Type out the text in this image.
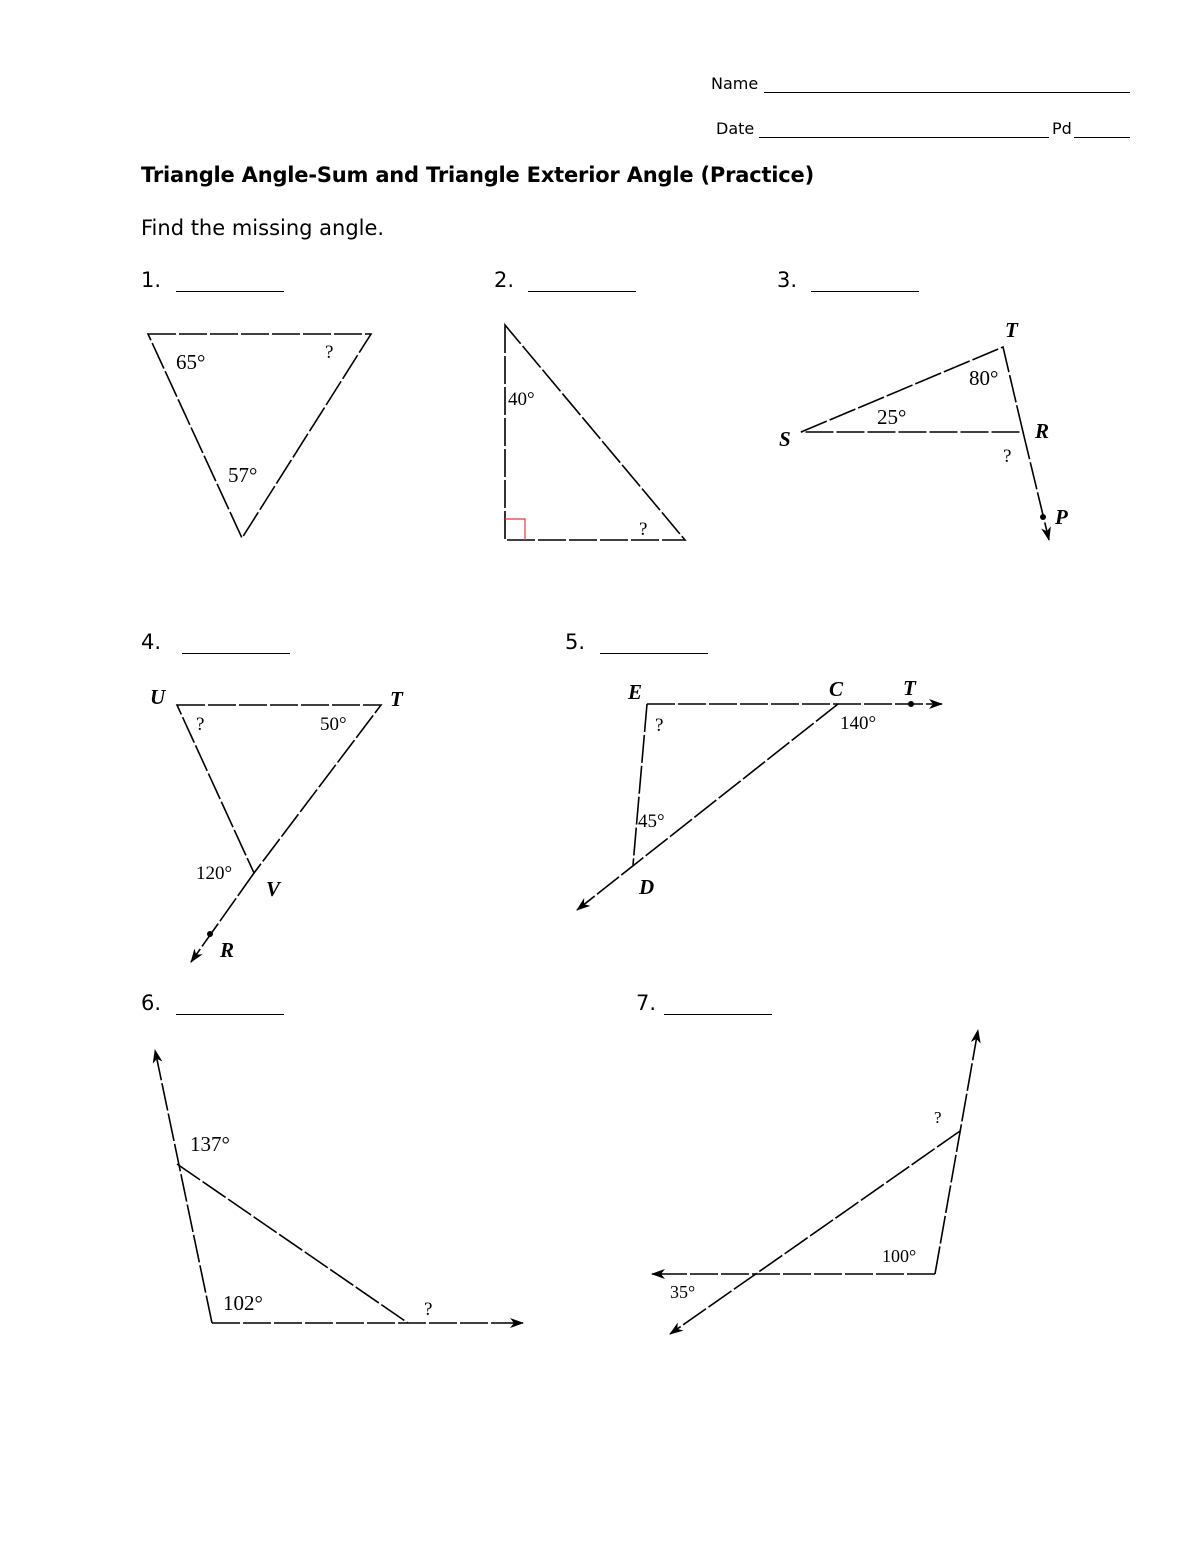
Name
Date	Pd
Triangle Angle-Sum and Triangle Exterior Angle (Practice)
Find the missing angle.
1.	2.	3.
4.	5.
6.	7.
65°	?
57°
40°
?
T
S	R
P
80°
25°
?
U	T
V
R
?	50°
120°
E	C	T
D
?	140°
45°
137°
102°	?
?
100°
35°
